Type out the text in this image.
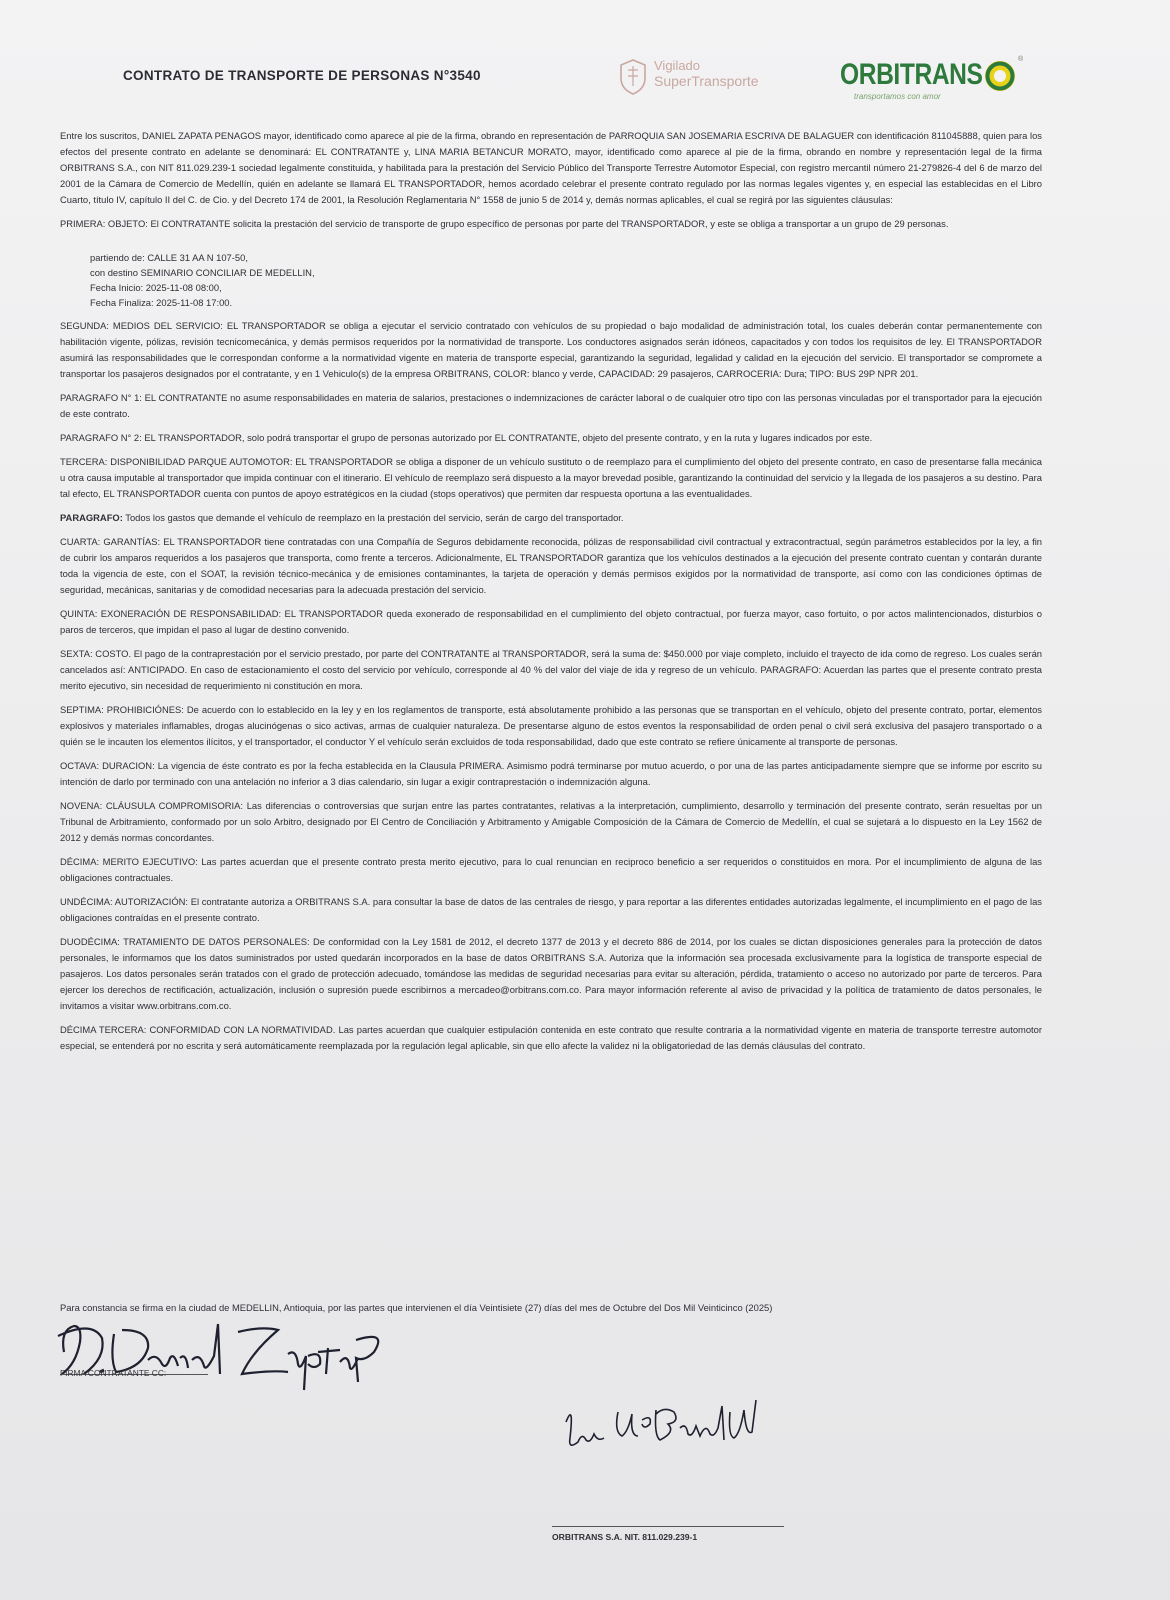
CONTRATO DE TRANSPORTE DE PERSONAS N°3540
Vigilado
SuperTransporte	ORBITRANS
transportamos con amor
®

Entre los suscritos, DANIEL ZAPATA PENAGOS mayor, identificado como aparece al pie de la firma, obrando en representación de PARROQUIA SAN JOSEMARIA ESCRIVA DE BALAGUER con identificación 811045888, quien para los efectos del presente contrato en adelante se denominará: EL CONTRATANTE y, LINA MARIA BETANCUR MORATO, mayor, identificado como aparece al pie de la firma, obrando en nombre y representación legal de la firma ORBITRANS S.A., con NIT 811.029.239-1 sociedad legalmente constituida, y habilitada para la prestación del Servicio Público del Transporte Terrestre Automotor Especial, con registro mercantil número 21-279826-4 del 6 de marzo del 2001 de la Cámara de Comercio de Medellín, quién en adelante se llamará EL TRANSPORTADOR, hemos acordado celebrar el presente contrato regulado por las normas legales vigentes y, en especial las establecidas en el Libro Cuarto, título IV, capítulo II del C. de Cio. y del Decreto 174 de 2001, la Resolución Reglamentaria N° 1558 de junio 5 de 2014 y, demás normas aplicables, el cual se regirá por las siguientes cláusulas:

PRIMERA: OBJETO: El CONTRATANTE solicita la prestación del servicio de transporte de grupo específico de personas por parte del TRANSPORTADOR, y este se obliga a transportar a un grupo de 29 personas.

partiendo de: CALLE 31 AA N 107-50,
con destino SEMINARIO CONCILIAR DE MEDELLIN,
Fecha Inicio: 2025-11-08 08:00,
Fecha Finaliza: 2025-11-08 17:00.

SEGUNDA: MEDIOS DEL SERVICIO: EL TRANSPORTADOR se obliga a ejecutar el servicio contratado con vehículos de su propiedad o bajo modalidad de administración total, los cuales deberán contar permanentemente con habilitación vigente, pólizas, revisión tecnicomecánica, y demás permisos requeridos por la normatividad de transporte. Los conductores asignados serán idóneos, capacitados y con todos los requisitos de ley. El TRANSPORTADOR asumirá las responsabilidades que le correspondan conforme a la normatividad vigente en materia de transporte especial, garantizando la seguridad, legalidad y calidad en la ejecución del servicio. El transportador se compromete a transportar los pasajeros designados por el contratante, y en 1 Vehiculo(s) de la empresa ORBITRANS, COLOR: blanco y verde, CAPACIDAD: 29 pasajeros, CARROCERIA: Dura; TIPO: BUS 29P NPR 201.

PARAGRAFO N° 1: EL CONTRATANTE no asume responsabilidades en materia de salarios, prestaciones o indemnizaciones de carácter laboral o de cualquier otro tipo con las personas vinculadas por el transportador para la ejecución de este contrato.

PARAGRAFO N° 2: EL TRANSPORTADOR, solo podrá transportar el grupo de personas autorizado por EL CONTRATANTE, objeto del presente contrato, y en la ruta y lugares indicados por este.

TERCERA: DISPONIBILIDAD PARQUE AUTOMOTOR: EL TRANSPORTADOR se obliga a disponer de un vehículo sustituto o de reemplazo para el cumplimiento del objeto del presente contrato, en caso de presentarse falla mecánica u otra causa imputable al transportador que impida continuar con el itinerario. El vehículo de reemplazo será dispuesto a la mayor brevedad posible, garantizando la continuidad del servicio y la llegada de los pasajeros a su destino. Para tal efecto, EL TRANSPORTADOR cuenta con puntos de apoyo estratégicos en la ciudad (stops operativos) que permiten dar respuesta oportuna a las eventualidades.

PARAGRAFO: Todos los gastos que demande el vehículo de reemplazo en la prestación del servicio, serán de cargo del transportador.

CUARTA: GARANTÍAS: EL TRANSPORTADOR tiene contratadas con una Compañía de Seguros debidamente reconocida, pólizas de responsabilidad civil contractual y extracontractual, según parámetros establecidos por la ley, a fin de cubrir los amparos requeridos a los pasajeros que transporta, como frente a terceros. Adicionalmente, EL TRANSPORTADOR garantiza que los vehículos destinados a la ejecución del presente contrato cuentan y contarán durante toda la vigencia de este, con el SOAT, la revisión técnico-mecánica y de emisiones contaminantes, la tarjeta de operación y demás permisos exigidos por la normatividad de transporte, así como con las condiciones óptimas de seguridad, mecánicas, sanitarias y de comodidad necesarias para la adecuada prestación del servicio.

QUINTA: EXONERACIÓN DE RESPONSABILIDAD: EL TRANSPORTADOR queda exonerado de responsabilidad en el cumplimiento del objeto contractual, por fuerza mayor, caso fortuito, o por actos malintencionados, disturbios o paros de terceros, que impidan el paso al lugar de destino convenido.

SEXTA: COSTO. El pago de la contraprestación por el servicio prestado, por parte del CONTRATANTE al TRANSPORTADOR, será la suma de: $450.000 por viaje completo, incluido el trayecto de ida como de regreso. Los cuales serán cancelados así: ANTICIPADO. En caso de estacionamiento el costo del servicio por vehículo, corresponde al 40 % del valor del viaje de ida y regreso de un vehículo. PARAGRAFO: Acuerdan las partes que el presente contrato presta merito ejecutivo, sin necesidad de requerimiento ni constitución en mora.

SEPTIMA: PROHIBICIÓNES: De acuerdo con lo establecido en la ley y en los reglamentos de transporte, está absolutamente prohibido a las personas que se transportan en el vehículo, objeto del presente contrato, portar, elementos explosivos y materiales inflamables, drogas alucinógenas o sico activas, armas de cualquier naturaleza. De presentarse alguno de estos eventos la responsabilidad de orden penal o civil será exclusiva del pasajero transportado o a quién se le incauten los elementos ilícitos, y el transportador, el conductor Y el vehículo serán excluidos de toda responsabilidad, dado que este contrato se refiere únicamente al transporte de personas.

OCTAVA: DURACION: La vigencia de éste contrato es por la fecha establecida en la Clausula PRIMERA. Asimismo podrá terminarse por mutuo acuerdo, o por una de las partes anticipadamente siempre que se informe por escrito su intención de darlo por terminado con una antelación no inferior a 3 dias calendario, sin lugar a exigir contraprestación o indemnización alguna.

NOVENA: CLÁUSULA COMPROMISORIA: Las diferencias o controversias que surjan entre las partes contratantes, relativas a la interpretación, cumplimiento, desarrollo y terminación del presente contrato, serán resueltas por un Tribunal de Arbitramiento, conformado por un solo Arbitro, designado por El Centro de Conciliación y Arbitramento y Amigable Composición de la Cámara de Comercio de Medellín, el cual se sujetará a lo dispuesto en la Ley 1562 de 2012 y demás normas concordantes.

DÉCIMA: MERITO EJECUTIVO: Las partes acuerdan que el presente contrato presta merito ejecutivo, para lo cual renuncian en reciproco beneficio a ser requeridos o constituidos en mora. Por el incumplimiento de alguna de las obligaciones contractuales.

UNDÉCIMA: AUTORIZACIÓN: El contratante autoriza a ORBITRANS S.A. para consultar la base de datos de las centrales de riesgo, y para reportar a las diferentes entidades autorizadas legalmente, el incumplimiento en el pago de las obligaciones contraídas en el presente contrato.

DUODÉCIMA: TRATAMIENTO DE DATOS PERSONALES: De conformidad con la Ley 1581 de 2012, el decreto 1377 de 2013 y el decreto 886 de 2014, por los cuales se dictan disposiciones generales para la protección de datos personales, le informamos que los datos suministrados por usted quedarán incorporados en la base de datos ORBITRANS S.A. Autoriza que la información sea procesada exclusivamente para la logística de transporte especial de pasajeros. Los datos personales serán tratados con el grado de protección adecuado, tomándose las medidas de seguridad necesarias para evitar su alteración, pérdida, tratamiento o acceso no autorizado por parte de terceros. Para ejercer los derechos de rectificación, actualización, inclusión o supresión puede escribirnos a mercadeo@orbitrans.com.co. Para mayor información referente al aviso de privacidad y la política de tratamiento de datos personales, le invitamos a visitar www.orbitrans.com.co.

DÉCIMA TERCERA: CONFORMIDAD CON LA NORMATIVIDAD. Las partes acuerdan que cualquier estipulación contenida en este contrato que resulte contraria a la normatividad vigente en materia de transporte terrestre automotor especial, se entenderá por no escrita y será automáticamente reemplazada por la regulación legal aplicable, sin que ello afecte la validez ni la obligatoriedad de las demás cláusulas del contrato.

Para constancia se firma en la ciudad de MEDELLIN, Antioquia, por las partes que intervienen el día Veintisiete (27) días del mes de Octubre del Dos Mil Veinticinco (2025)
D. Daniel Zapata P
FIRMA CONTRATANTE CC:
Lina M Betancur M
ORBITRANS S.A. NIT. 811.029.239-1
